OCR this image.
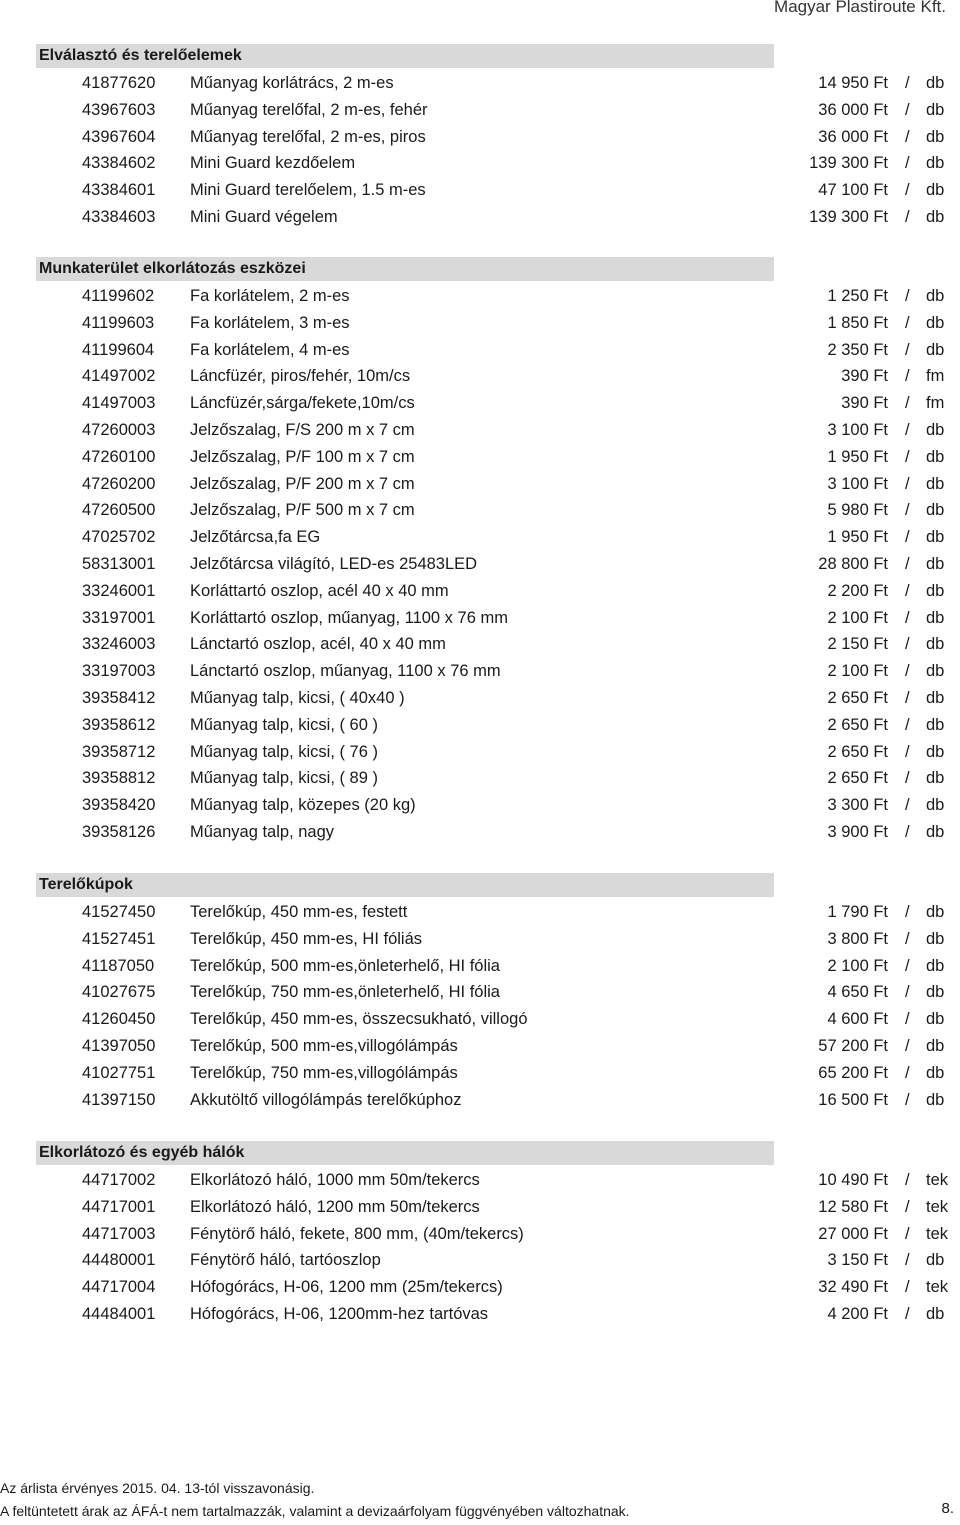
Magyar Plastiroute Kft.
Elválasztó és terelőelemek
41877620 Műanyag korlátrács, 2 m-es	14 950 Ft / db
43967603 Műanyag terelőfal, 2 m-es, fehér	36 000 Ft / db
43967604 Műanyag terelőfal, 2 m-es, piros	36 000 Ft / db
43384602 Mini Guard kezdőelem	139 300 Ft / db
43384601 Mini Guard terelőelem, 1.5 m-es	47 100 Ft / db
43384603 Mini Guard végelem	139 300 Ft / db
Munkaterület elkorlátozás eszközei
41199602 Fa korlátelem, 2 m-es	1 250 Ft / db
41199603 Fa korlátelem, 3 m-es	1 850 Ft / db
41199604 Fa korlátelem, 4 m-es	2 350 Ft / db
41497002 Láncfüzér, piros/fehér, 10m/cs	390 Ft / fm
41497003 Láncfüzér,sárga/fekete,10m/cs	390 Ft / fm
47260003 Jelzőszalag, F/S 200 m x 7 cm	3 100 Ft / db
47260100 Jelzőszalag, P/F 100 m x 7 cm	1 950 Ft / db
47260200 Jelzőszalag, P/F 200 m x 7 cm	3 100 Ft / db
47260500 Jelzőszalag, P/F 500 m x 7 cm	5 980 Ft / db
47025702 Jelzőtárcsa,fa EG	1 950 Ft / db
58313001 Jelzőtárcsa világító, LED-es 25483LED	28 800 Ft / db
33246001 Korláttartó oszlop, acél 40 x 40 mm	2 200 Ft / db
33197001 Korláttartó oszlop, műanyag, 1100 x 76 mm	2 100 Ft / db
33246003 Lánctartó oszlop, acél, 40 x 40 mm	2 150 Ft / db
33197003 Lánctartó oszlop, műanyag, 1100 x 76 mm	2 100 Ft / db
39358412 Műanyag talp, kicsi, ( 40x40 )	2 650 Ft / db
39358612 Műanyag talp, kicsi, ( 60 )	2 650 Ft / db
39358712 Műanyag talp, kicsi, ( 76 )	2 650 Ft / db
39358812 Műanyag talp, kicsi, ( 89 )	2 650 Ft / db
39358420 Műanyag talp, közepes (20 kg)	3 300 Ft / db
39358126 Műanyag talp, nagy	3 900 Ft / db
Terelőkúpok
41527450 Terelőkúp, 450 mm-es, festett	1 790 Ft / db
41527451 Terelőkúp, 450 mm-es, HI fóliás	3 800 Ft / db
41187050 Terelőkúp, 500 mm-es,önleterhelő, HI fólia	2 100 Ft / db
41027675 Terelőkúp, 750 mm-es,önleterhelő, HI fólia	4 650 Ft / db
41260450 Terelőkúp, 450 mm-es, összecsukható, villogó	4 600 Ft / db
41397050 Terelőkúp, 500 mm-es,villogólámpás	57 200 Ft / db
41027751 Terelőkúp, 750 mm-es,villogólámpás	65 200 Ft / db
41397150 Akkutöltő villogólámpás terelőkúphoz	16 500 Ft / db
Elkorlátozó és egyéb hálók
44717002 Elkorlátozó háló, 1000 mm 50m/tekercs	10 490 Ft / tek
44717001 Elkorlátozó háló, 1200 mm 50m/tekercs	12 580 Ft / tek
44717003 Fénytörő háló, fekete, 800 mm, (40m/tekercs)	27 000 Ft / tek
44480001 Fénytörő háló, tartóoszlop	3 150 Ft / db
44717004 Hófogórács, H-06, 1200 mm (25m/tekercs)	32 490 Ft / tek
44484001 Hófogórács, H-06, 1200mm-hez tartóvas	4 200 Ft / db
Az árlista érvényes 2015. 04. 13-tól visszavonásig.
A feltüntetett árak az ÁFÁ-t nem tartalmazzák, valamint a devizaárfolyam függvényében változhatnak.	8.
